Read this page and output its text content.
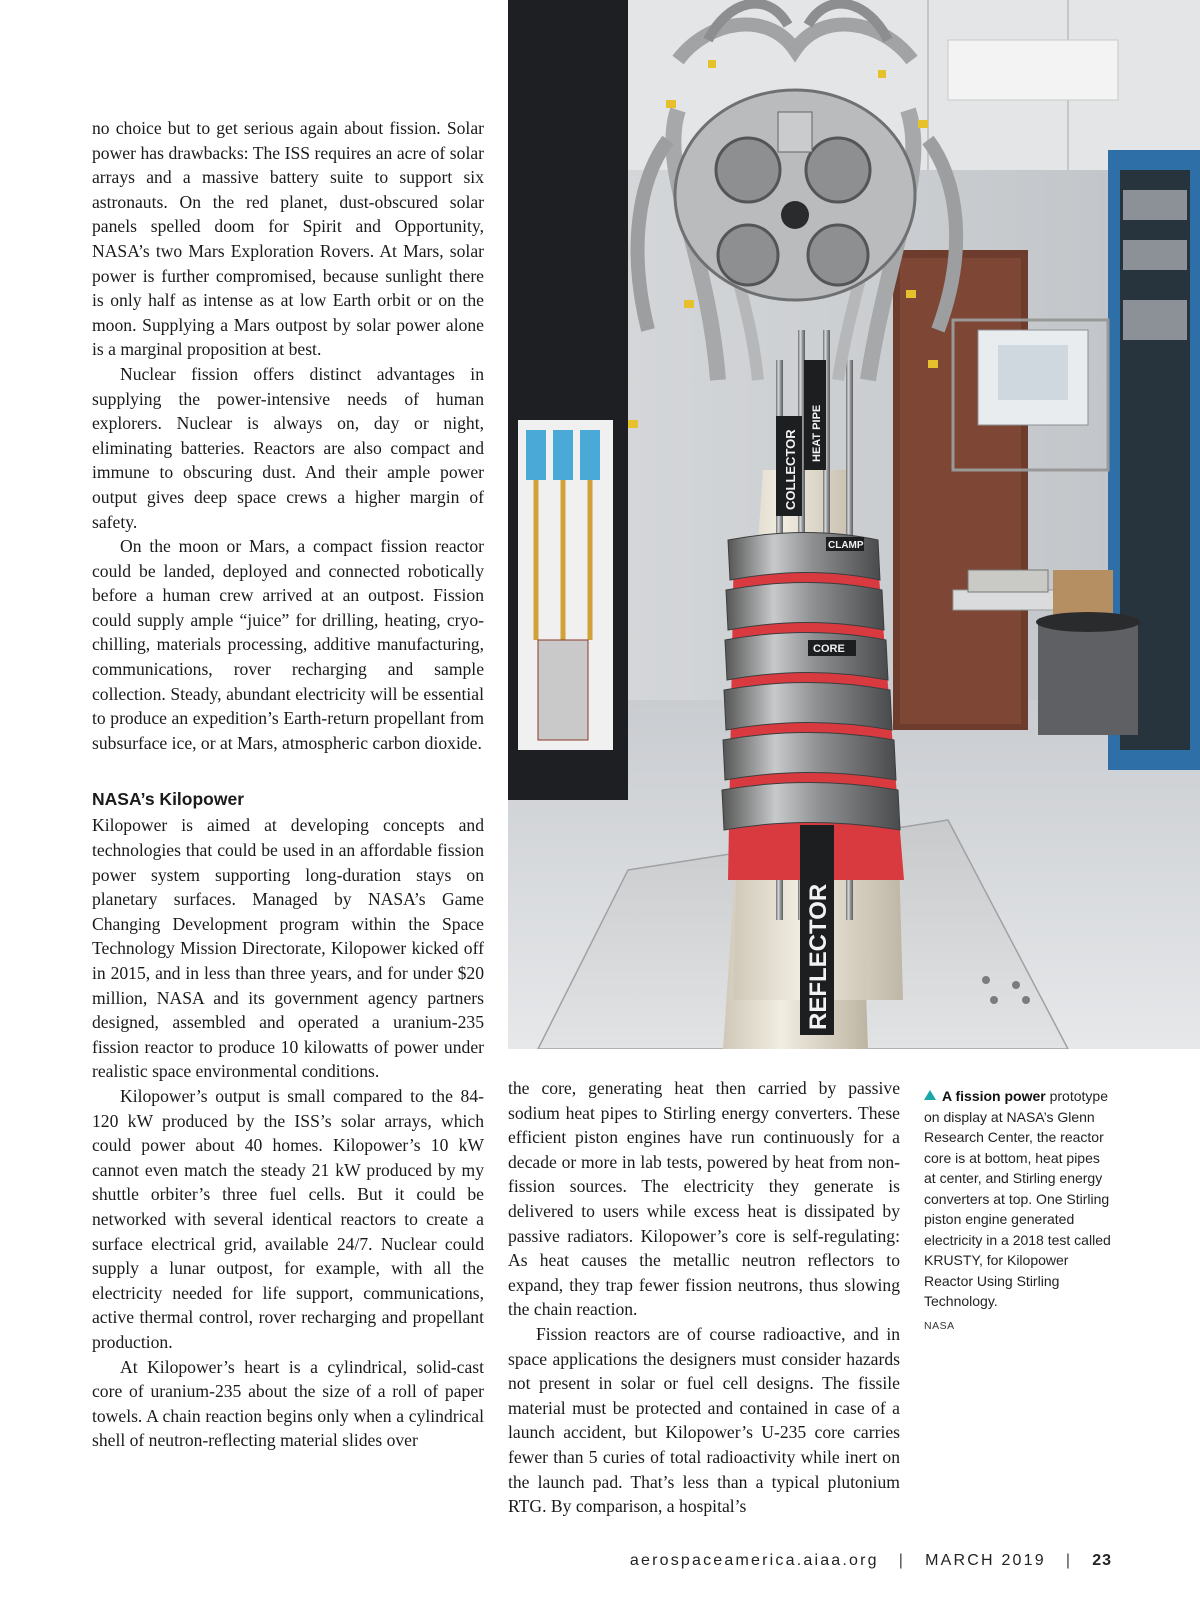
no choice but to get serious again about fission. Solar power has drawbacks: The ISS requires an acre of solar arrays and a massive battery suite to support six astronauts. On the red planet, dust-obscured solar panels spelled doom for Spirit and Opportunity, NASA’s two Mars Exploration Rovers. At Mars, solar power is further compromised, because sunlight there is only half as intense as at low Earth orbit or on the moon. Supplying a Mars outpost by solar power alone is a marginal proposition at best.

Nuclear fission offers distinct advantages in supplying the power-intensive needs of human explorers. Nuclear is always on, day or night, eliminating batteries. Reactors are also compact and immune to obscuring dust. And their ample power output gives deep space crews a higher margin of safety.

On the moon or Mars, a compact fission reactor could be landed, deployed and connected robotically before a human crew arrived at an outpost. Fission could supply ample “juice” for drilling, heating, cryo-chilling, materials processing, additive manufacturing, communications, rover recharging and sample collection. Steady, abundant electricity will be essential to produce an expedition’s Earth-return propellant from subsurface ice, or at Mars, atmospheric carbon dioxide.

NASA’s Kilopower

Kilopower is aimed at developing concepts and technologies that could be used in an affordable fission power system supporting long-duration stays on planetary surfaces. Managed by NASA’s Game Changing Development program within the Space Technology Mission Directorate, Kilopower kicked off in 2015, and in less than three years, and for under $20 million, NASA and its government agency partners designed, assembled and operated a uranium-235 fission reactor to produce 10 kilowatts of power under realistic space environmental conditions.

Kilopower’s output is small compared to the 84-120 kW produced by the ISS’s solar arrays, which could power about 40 homes. Kilopower’s 10 kW cannot even match the steady 21 kW produced by my shuttle orbiter’s three fuel cells. But it could be networked with several identical reactors to create a surface electrical grid, available 24/7. Nuclear could supply a lunar outpost, for example, with all the electricity needed for life support, communications, active thermal control, rover recharging and propellant production.

At Kilopower’s heart is a cylindrical, solid-cast core of uranium-235 about the size of a roll of paper towels. A chain reaction begins only when a cylindrical shell of neutron-reflecting material slides over

COLLECTOR HEAT PIPE
CLAMP
CORE
REFLECTOR

the core, generating heat then carried by passive sodium heat pipes to Stirling energy converters. These efficient piston engines have run continuously for a decade or more in lab tests, powered by heat from non-fission sources. The electricity they generate is delivered to users while excess heat is dissipated by passive radiators. Kilopower’s core is self-regulating: As heat causes the metallic neutron reflectors to expand, they trap fewer fission neutrons, thus slowing the chain reaction.

Fission reactors are of course radioactive, and in space applications the designers must consider hazards not present in solar or fuel cell designs. The fissile material must be protected and contained in case of a launch accident, but Kilopower’s U-235 core carries fewer than 5 curies of total radioactivity while inert on the launch pad. That’s less than a typical plutonium RTG. By comparison, a hospital’s

A fission power prototype on display at NASA’s Glenn Research Center, the reactor core is at bottom, heat pipes at center, and Stirling energy converters at top. One Stirling piston engine generated electricity in a 2018 test called KRUSTY, for Kilopower Reactor Using Stirling Technology.
NASA
aerospaceamerica.aiaa.org | MARCH 2019 | 23
